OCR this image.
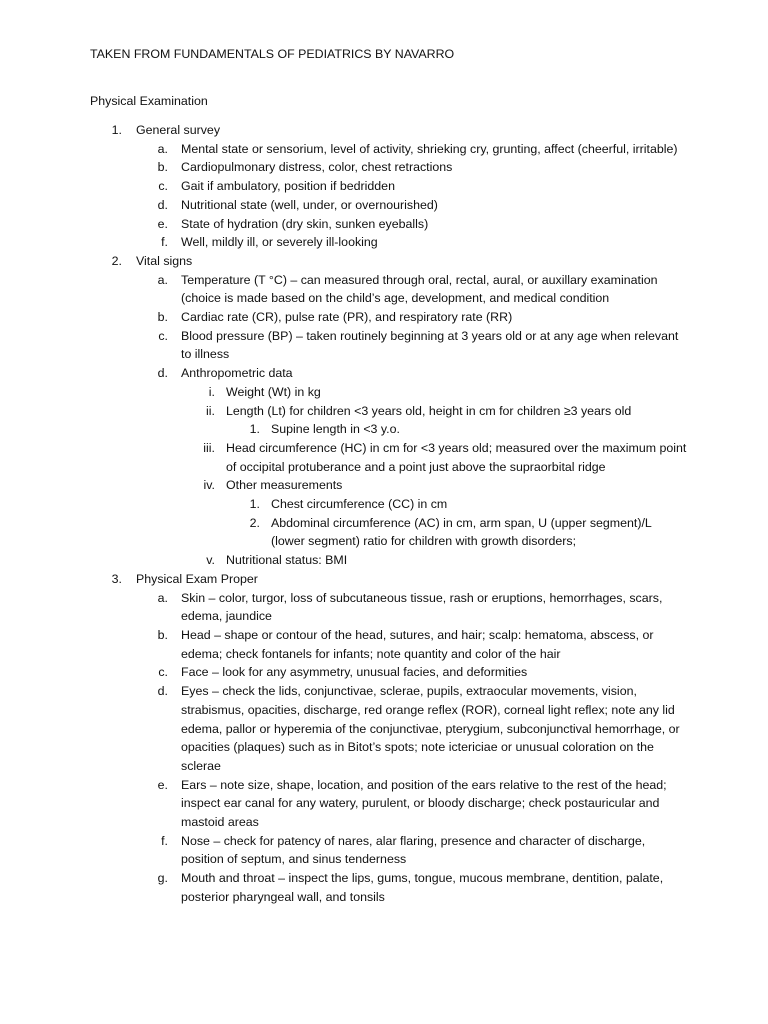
TAKEN FROM FUNDAMENTALS OF PEDIATRICS BY NAVARRO
Physical Examination
1. General survey
a. Mental state or sensorium, level of activity, shrieking cry, grunting, affect (cheerful, irritable)
b. Cardiopulmonary distress, color, chest retractions
c. Gait if ambulatory, position if bedridden
d. Nutritional state (well, under, or overnourished)
e. State of hydration (dry skin, sunken eyeballs)
f. Well, mildly ill, or severely ill-looking
2. Vital signs
a. Temperature (T °C) – can measured through oral, rectal, aural, or auxillary examination (choice is made based on the child’s age, development, and medical condition
b. Cardiac rate (CR), pulse rate (PR), and respiratory rate (RR)
c. Blood pressure (BP) – taken routinely beginning at 3 years old or at any age when relevant to illness
d. Anthropometric data
i. Weight (Wt) in kg
ii. Length (Lt) for children <3 years old, height in cm for children ≥3 years old
1. Supine length in <3 y.o.
iii. Head circumference (HC) in cm for <3 years old; measured over the maximum point of occipital protuberance and a point just above the supraorbital ridge
iv. Other measurements
1. Chest circumference (CC) in cm
2. Abdominal circumference (AC) in cm, arm span, U (upper segment)/L (lower segment) ratio for children with growth disorders;
v. Nutritional status: BMI
3. Physical Exam Proper
a. Skin – color, turgor, loss of subcutaneous tissue, rash or eruptions, hemorrhages, scars, edema, jaundice
b. Head – shape or contour of the head, sutures, and hair; scalp: hematoma, abscess, or edema; check fontanels for infants; note quantity and color of the hair
c. Face – look for any asymmetry, unusual facies, and deformities
d. Eyes – check the lids, conjunctivae, sclerae, pupils, extraocular movements, vision, strabismus, opacities, discharge, red orange reflex (ROR), corneal light reflex; note any lid edema, pallor or hyperemia of the conjunctivae, pterygium, subconjunctival hemorrhage, or opacities (plaques) such as in Bitot’s spots; note ictericiae or unusual coloration on the sclerae
e. Ears – note size, shape, location, and position of the ears relative to the rest of the head; inspect ear canal for any watery, purulent, or bloody discharge; check postauricular and mastoid areas
f. Nose – check for patency of nares, alar flaring, presence and character of discharge, position of septum, and sinus tenderness
g. Mouth and throat – inspect the lips, gums, tongue, mucous membrane, dentition, palate, posterior pharyngeal wall, and tonsils
